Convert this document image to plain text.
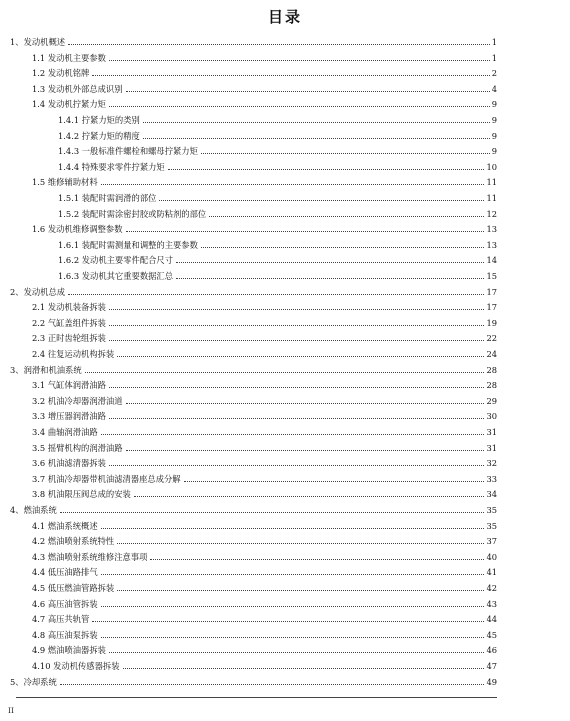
目录
1、发动机概述	1
1.1 发动机主要参数	1
1.2 发动机铭牌	2
1.3 发动机外部总成识别	4
1.4 发动机拧紧力矩	9
1.4.1 拧紧力矩的类别	9
1.4.2 拧紧力矩的精度	9
1.4.3 一般标准件螺栓和螺母拧紧力矩	9
1.4.4 特殊要求零件拧紧力矩	10
1.5 维修辅助材料	11
1.5.1 装配时需润滑的部位	11
1.5.2 装配时需涂密封胶或防粘剂的部位	12
1.6 发动机维修调整参数	13
1.6.1 装配时需测量和调整的主要参数	13
1.6.2 发动机主要零件配合尺寸	14
1.6.3 发动机其它重要数据汇总	15
2、发动机总成	17
2.1 发动机装备拆装	17
2.2 气缸盖组件拆装	19
2.3 正时齿轮组拆装	22
2.4 往复运动机构拆装	24
3、润滑和机油系统	28
3.1 气缸体润滑油路	28
3.2 机油冷却器润滑油道	29
3.3 增压器润滑油路	30
3.4 曲轴润滑油路	31
3.5 摇臂机构的润滑油路	31
3.6 机油滤清器拆装	32
3.7 机油冷却器带机油滤清器座总成分解	33
3.8 机油限压阀总成的安装	34
4、燃油系统	35
4.1 燃油系统概述	35
4.2 燃油喷射系统特性	37
4.3 燃油喷射系统维修注意事项	40
4.4 低压油路排气	41
4.5 低压燃油管路拆装	42
4.6 高压油管拆装	43
4.7 高压共轨管	44
4.8 高压油泵拆装	45
4.9 燃油喷油器拆装	46
4.10 发动机传感器拆装	47
5、冷却系统	49
II
